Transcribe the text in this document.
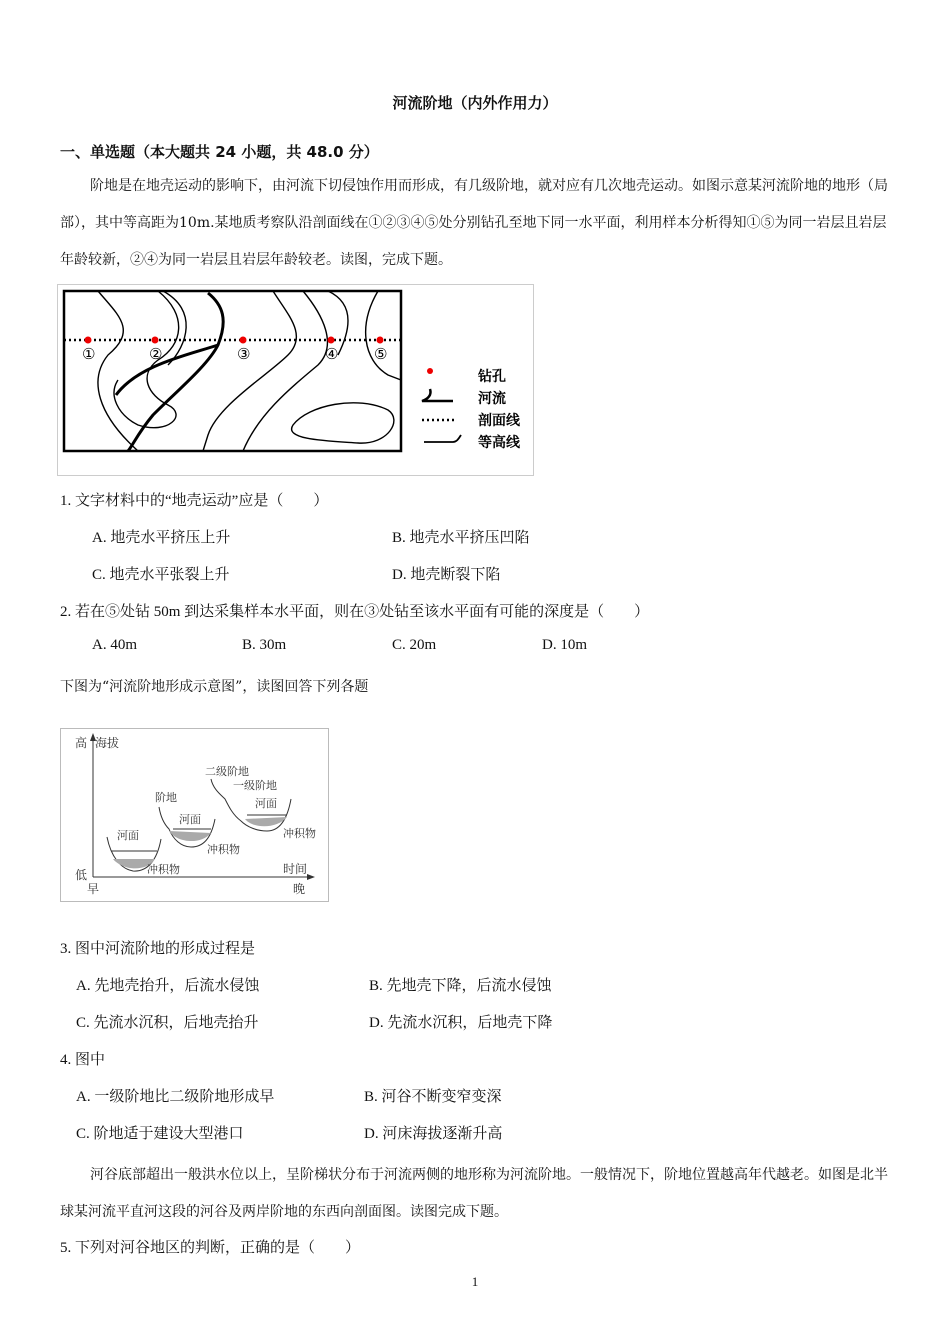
河流阶地（内外作用力）
一、单选题（本大题共 24 小题，共 48.0 分）
阶地是在地壳运动的影响下，由河流下切侵蚀作用而形成，有几级阶地，就对应有几次地壳运动。如图示意某河流阶地的地形（局部），其中等高距为10m.某地质考察队沿剖面线在①②③④⑤处分别钻孔至地下同一水平面，利用样本分析得知①⑤为同一岩层且岩层年龄较新，②④为同一岩层且岩层年龄较老。读图，完成下题。
①	②	③	④ ⑤
钻孔
河流
剖面线
等高线
1. 文字材料中的“地壳运动”应是（　　）
A. 地壳水平挤压上升	B. 地壳水平挤压凹陷
C. 地壳水平张裂上升	D. 地壳断裂下陷
2. 若在⑤处钻 50m 到达采集样本水平面，则在③处钻至该水平面有可能的深度是（　　）
A. 40m	B. 30m	C. 20m	D. 10m
下图为“河流阶地形成示意图”，读图回答下列各题
高 海拔
低
早
时间
晚
河面
冲积物
阶地
河面
冲积物
二级阶地
一级阶地
河面
冲积物
3. 图中河流阶地的形成过程是
A. 先地壳抬升，后流水侵蚀	B. 先地壳下降，后流水侵蚀
C. 先流水沉积，后地壳抬升	D. 先流水沉积，后地壳下降
4. 图中
A. 一级阶地比二级阶地形成早	B. 河谷不断变窄变深
C. 阶地适于建设大型港口	D. 河床海拔逐渐升高
河谷底部超出一般洪水位以上，呈阶梯状分布于河流两侧的地形称为河流阶地。一般情况下，阶地位置越高年代越老。如图是北半球某河流平直河这段的河谷及两岸阶地的东西向剖面图。读图完成下题。
5. 下列对河谷地区的判断，正确的是（　　）
1
